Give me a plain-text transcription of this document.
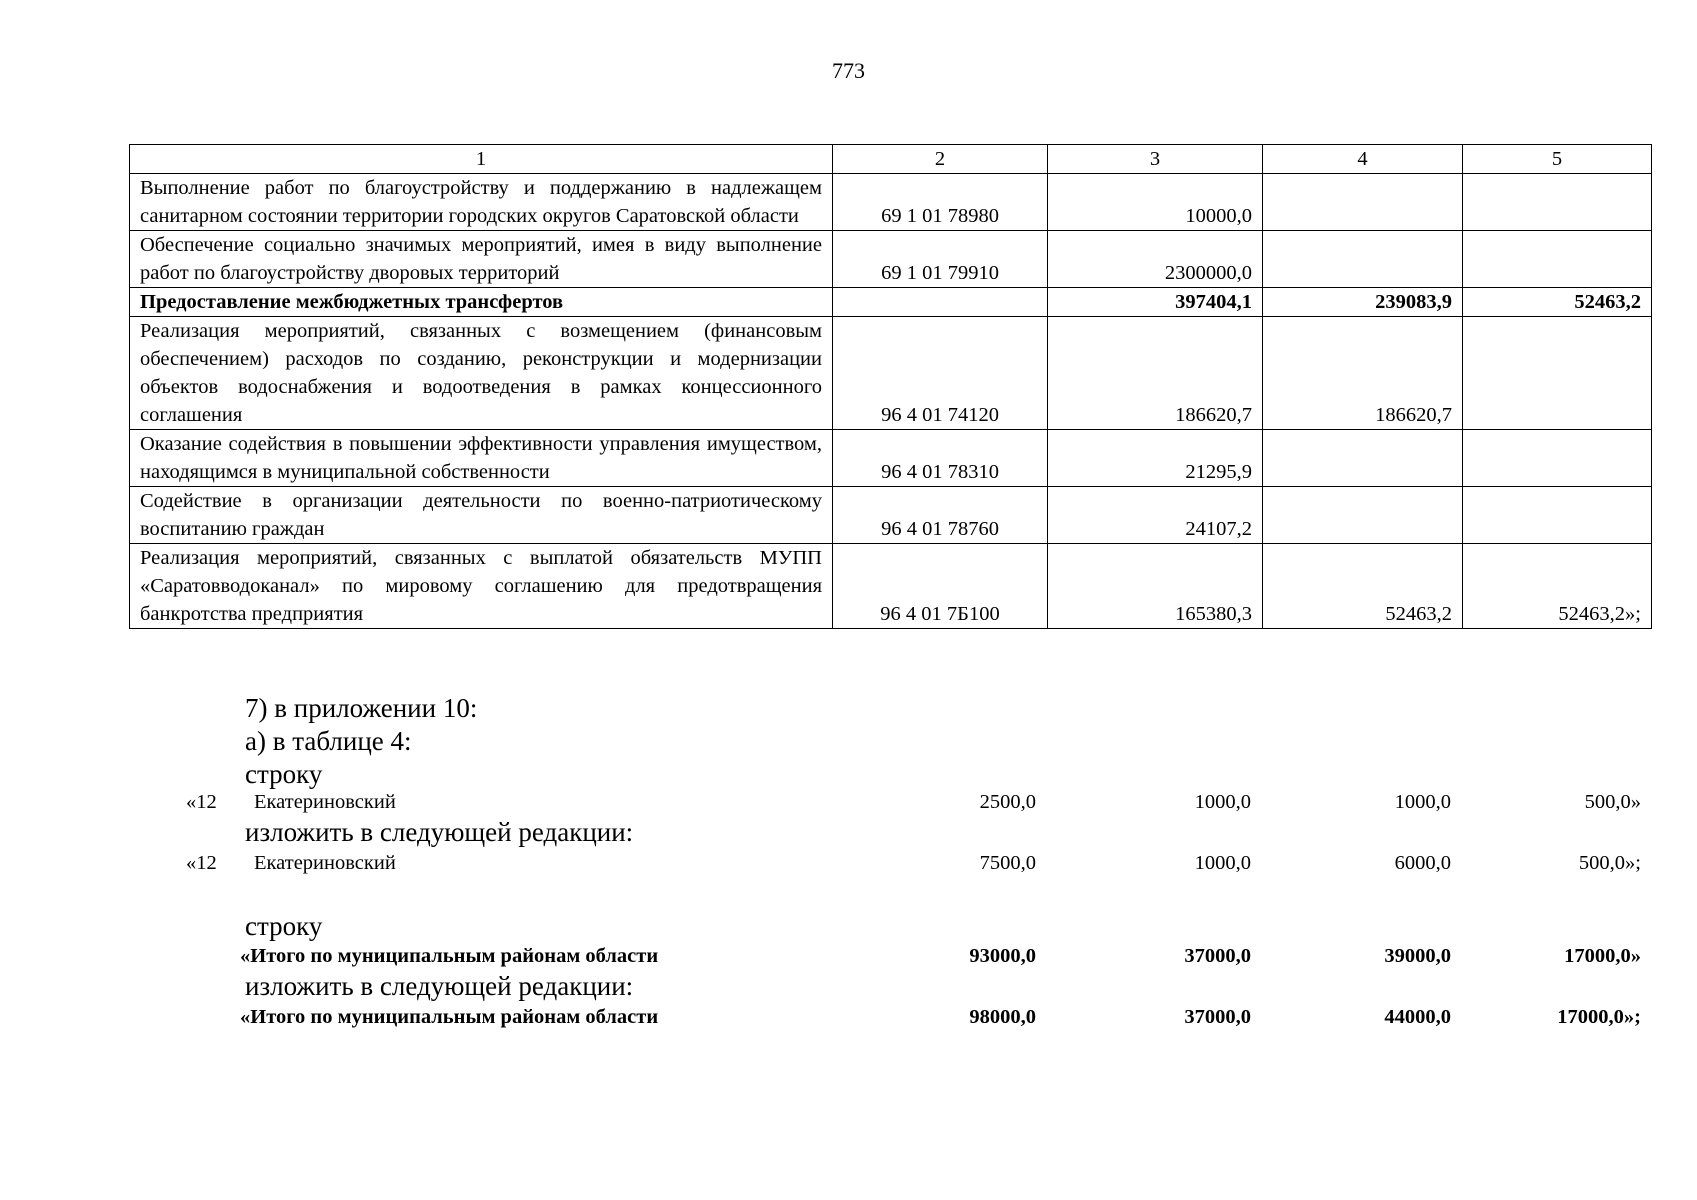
773
1	2	3	4	5
Выполнение работ по благоустройству и поддержанию в надлежащем санитарном состоянии территории городских округов Саратовской области	69 1 01 78980	10000,0		
Обеспечение социально значимых мероприятий, имея в виду выполнение работ по благоустройству дворовых территорий	69 1 01 79910	2300000,0		
Предоставление межбюджетных трансфертов		397404,1	239083,9	52463,2
Реализация мероприятий, связанных с возмещением (финансовым обеспечением) расходов по созданию, реконструкции и модернизации объектов водоснабжения и водоотведения в рамках концессионного соглашения	96 4 01 74120	186620,7	186620,7	
Оказание содействия в повышении эффективности управления имуществом, находящимся в муниципальной собственности	96 4 01 78310	21295,9		
Содействие в организации деятельности по военно-патриотическому воспитанию граждан	96 4 01 78760	24107,2		
Реализация мероприятий, связанных с выплатой обязательств МУПП «Саратовводоканал» по мировому соглашению для предотвращения банкротства предприятия	96 4 01 7Б100	165380,3	52463,2	52463,2»;
7) в приложении 10:
а) в таблице 4:
строку
«12 Екатериновский	2500,0	1000,0	1000,0	500,0»
изложить в следующей редакции:
«12 Екатериновский	7500,0	1000,0	6000,0	500,0»;
строку
«Итого по муниципальным районам области	93000,0	37000,0	39000,0	17000,0»
изложить в следующей редакции:
«Итого по муниципальным районам области	98000,0	37000,0	44000,0	17000,0»;
